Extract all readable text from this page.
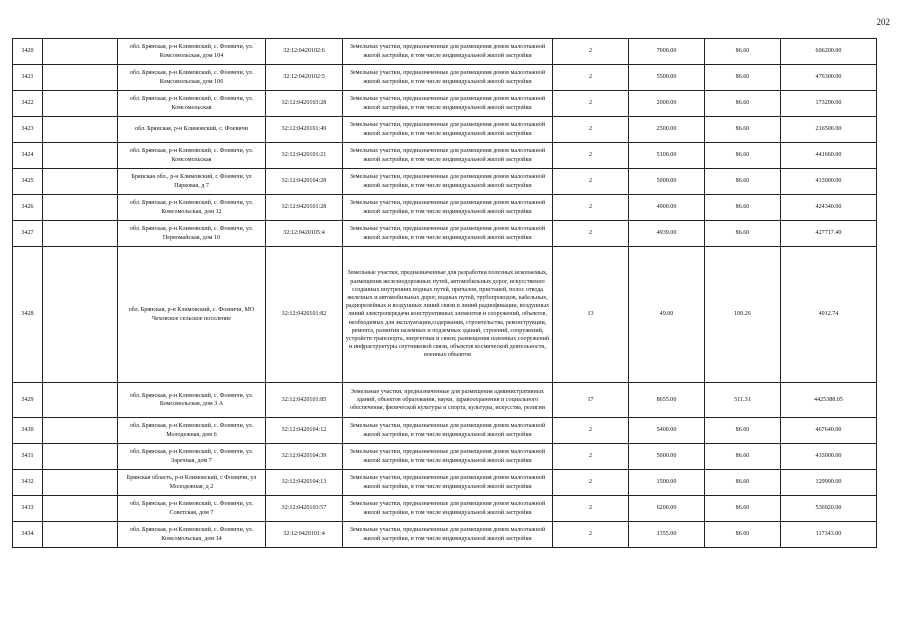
202
3420		обл. Брянская, р-н Климовский, с. Фоевичи, ул. Комсомольская, дом 104	32:12:0420102:6	Земельные участки, предназначенные для размещения домов малоэтажной жилой застройки, в том числе индивидуальной жилой застройки	2	7000.00	86.60	606200.00
3421		обл. Брянская, р-н Климовский, с. Фоевичи, ул. Комсомольская, дом 106	32:12:0420102:5	Земельные участки, предназначенные для размещения домов малоэтажной жилой застройки, в том числе индивидуальной жилой застройки	2	5500.00	86.60	476300.00
3422		обл. Брянская, р-н Климовский, с. Фоевичи, ул. Комсомольская	32:12:0420103:28	Земельные участки, предназначенные для размещения домов малоэтажной жилой застройки, в том числе индивидуальной жилой застройки	2	2000.00	86.60	173200.00
3423		обл. Брянская, р-н Климовский, с. Фоевичи	32:12:0420101:49	Земельные участки, предназначенные для размещения домов малоэтажной жилой застройки, в том числе индивидуальной жилой застройки	2	2500.00	86.60	216500.00
3424		обл. Брянская, р-н Климовский, с. Фоевичи, ул. Комсомольская	32:12:0420101:21	Земельные участки, предназначенные для размещения домов малоэтажной жилой застройки, в том числе индивидуальной жилой застройки	2	5100.00	86.60	441660.00
3425		Брянская обл., р-н Климовский, с Фоевичи, ул Парковая, д 7	32:12:0420104:28	Земельные участки, предназначенные для размещения домов малоэтажной жилой застройки, в том числе индивидуальной жилой застройки	2	5000.00	86.60	433000.00
3426		обл. Брянская, р-н Климовский, с. Фоевичи, ул. Комсомольская, дом 12	32:12:0420101:28	Земельные участки, предназначенные для размещения домов малоэтажной жилой застройки, в том числе индивидуальной жилой застройки	2	4900.00	86.60	424340.00
3427		обл. Брянская, р-н Климовский, с. Фоевичи, ул. Первомайская, дом 10	32:12:0420105:4	Земельные участки, предназначенные для размещения домов малоэтажной жилой застройки, в том числе индивидуальной жилой застройки	2	4939.00	86.60	427717.40
3428		обл. Брянская, р-н Климовский, с. Фоевичи, МО Чеховское сельское поселение	32:12:0420101:82	Земельные участки, предназначенные для разработки полезных ископаемых, размещения железнодорожных путей, автомобильных дорог, искусственно созданных внутренних водных путей, причалов, пристаней, полос отвода железных и автомобильных дорог, водных путей, трубопроводов, кабельных, радиорелейных и воздушных линий связи и линий радиофикации, воздушных линий электропередачи конструктивных элементов и сооружений, объектов, необходимых для эксплуатации,содержания, строительства, реконструкции, ремонта, развития наземных и подземных зданий, строений, сооружений, устройств транспорта, энергетики и связи; размещения наземных сооружений и инфраструктуры спутниковой связи, объектов космической деятельности, военных объектов	13	49.00	100.26	4912.74
3429		обл. Брянская, р-н Климовский, с. Фоевичи, ул. Комсомольская, дом 3 А	32:12:0420101:85	Земельные участки, предназначенные для размещения административных зданий, объектов образования, науки, здравоохранения и социального обеспечения, физической культуры и спорта, культуры, искусства, религии	17	8655.00	511.31	4425388.05
3430		обл. Брянская, р-н Климовский, с. Фоевичи, ул. Молодежная, дом 6	32:12:0420104:12	Земельные участки, предназначенные для размещения домов малоэтажной жилой застройки, в том числе индивидуальной жилой застройки	2	5400.00	86.60	467640.00
3431		обл. Брянская, р-н Климовский, с. Фоевичи, ул. Заречная, дом 7	32:12:0420104:39	Земельные участки, предназначенные для размещения домов малоэтажной жилой застройки, в том числе индивидуальной жилой застройки	2	5000.00	86.60	433000.00
3432		Брянская область, р-н Климовский, с Фоевичи, ул Молодежная, д 2	32:12:0420104:13	Земельные участки, предназначенные для размещения домов малоэтажной жилой застройки, в том числе индивидуальной жилой застройки	2	1500.00	86.60	129900.00
3433		обл. Брянская, р-н Климовский, с. Фоевичи, ул. Советская, дом 7	32:12:0420103:57	Земельные участки, предназначенные для размещения домов малоэтажной жилой застройки, в том числе индивидуальной жилой застройки	2	6200.00	86.60	536920.00
3434		обл. Брянская, р-н Климовский, с. Фоевичи, ул. Комсомольская, дом 14	32:12:0420101:4	Земельные участки, предназначенные для размещения домов малоэтажной жилой застройки, в том числе индивидуальной жилой застройки	2	1355.00	86.60	117343.00
